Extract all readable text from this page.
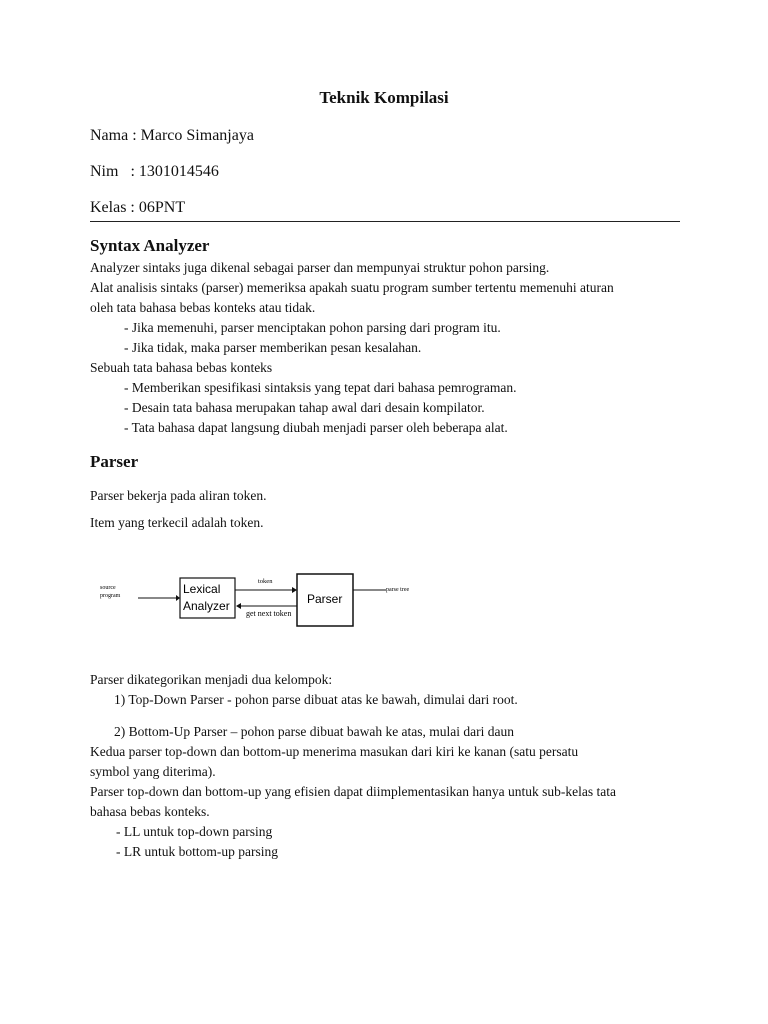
Teknik Kompilasi
Nama : Marco Simanjaya
Nim   : 1301014546
Kelas : 06PNT
Syntax Analyzer
Analyzer sintaks juga dikenal sebagai parser dan mempunyai struktur pohon parsing.
Alat analisis sintaks (parser) memeriksa apakah suatu program sumber tertentu memenuhi aturan
oleh tata bahasa bebas konteks atau tidak.
- Jika memenuhi, parser menciptakan pohon parsing dari program itu.
- Jika tidak, maka parser memberikan pesan kesalahan.
Sebuah tata bahasa bebas konteks
- Memberikan spesifikasi sintaksis yang tepat dari bahasa pemrograman.
- Desain tata bahasa merupakan tahap awal dari desain kompilator.
- Tata bahasa dapat langsung diubah menjadi parser oleh beberapa alat.
Parser
Parser bekerja pada aliran token.
Item yang terkecil adalah token.
source
program	Lexical
Analyzer
token
get next token
Parser
parse tree
Parser dikategorikan menjadi dua kelompok:
1) Top-Down Parser - pohon parse dibuat atas ke bawah, dimulai dari root.
2) Bottom-Up Parser – pohon parse dibuat bawah ke atas, mulai dari daun
Kedua parser top-down dan bottom-up menerima masukan dari kiri ke kanan (satu persatu
symbol yang diterima).
Parser top-down dan bottom-up yang efisien dapat diimplementasikan hanya untuk sub-kelas tata
bahasa bebas konteks.
- LL untuk top-down parsing
- LR untuk bottom-up parsing
